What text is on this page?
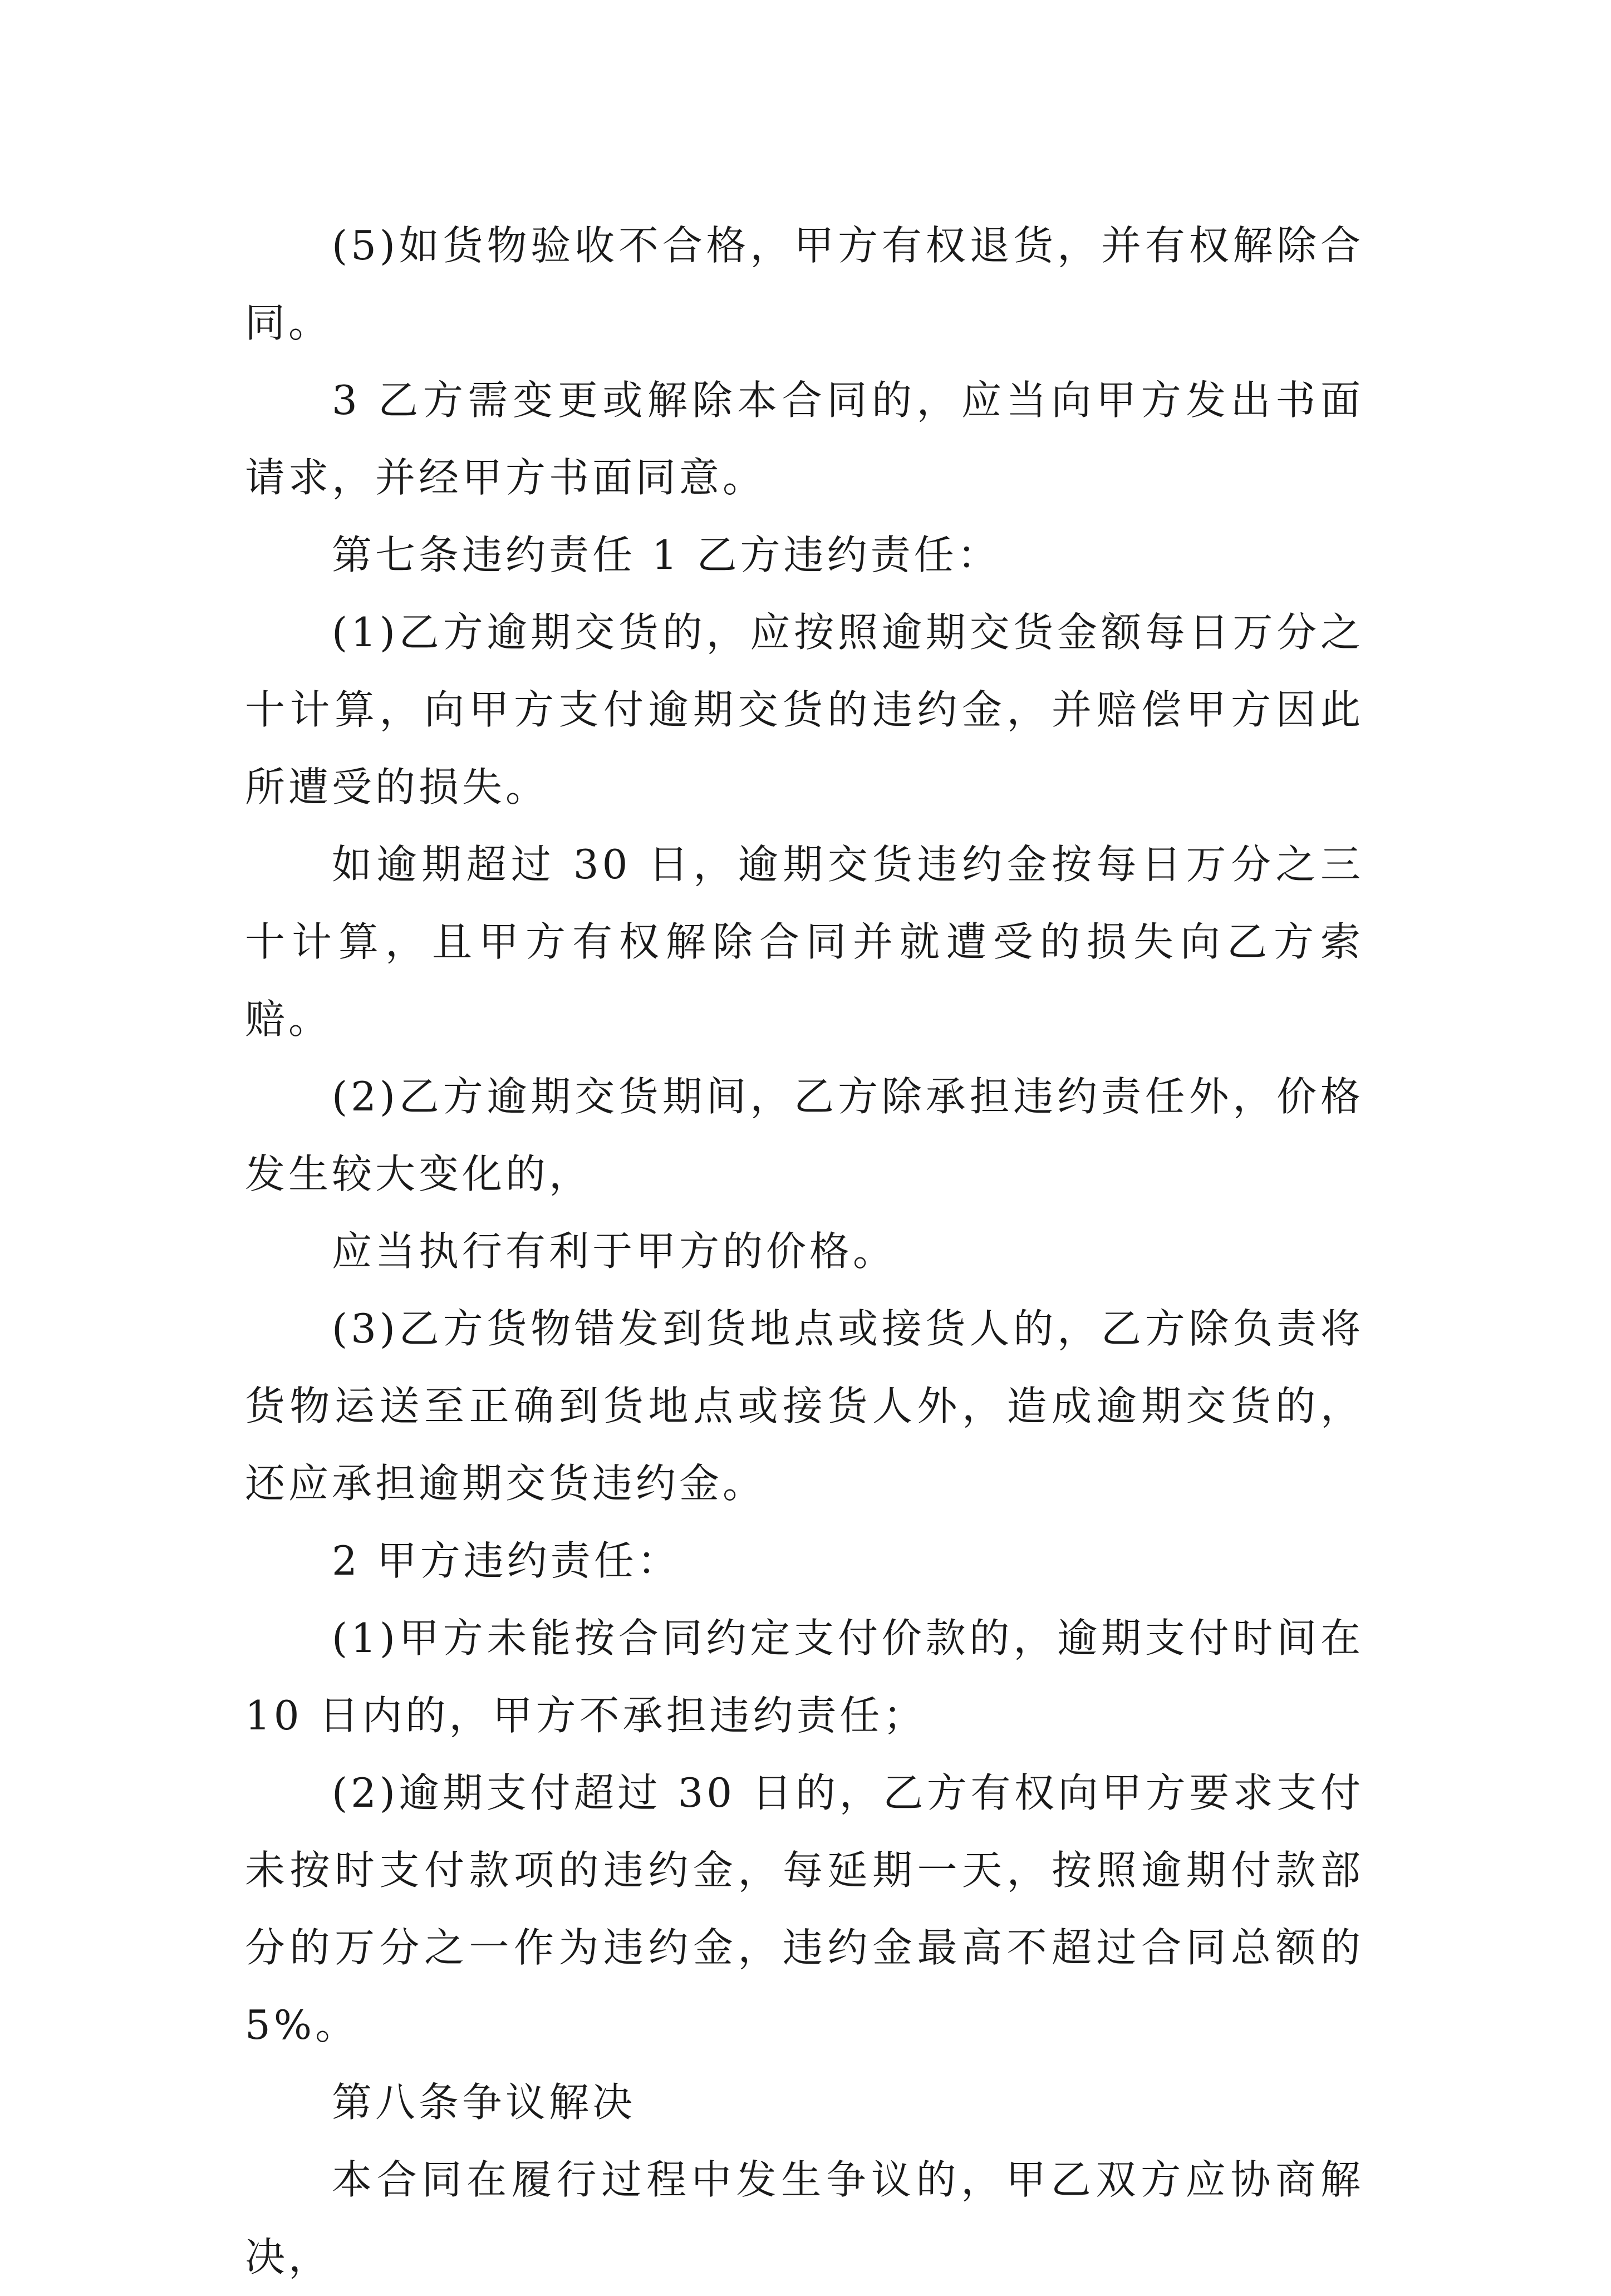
(5)如货物验收不合格，甲方有权退货，并有权解除合同。

3 乙方需变更或解除本合同的，应当向甲方发出书面请求，并经甲方书面同意。

第七条违约责任 1 乙方违约责任：

(1)乙方逾期交货的，应按照逾期交货金额每日万分之十计算，向甲方支付逾期交货的违约金，并赔偿甲方因此所遭受的损失。

如逾期超过 30 日，逾期交货违约金按每日万分之三十计算，且甲方有权解除合同并就遭受的损失向乙方索赔。

(2)乙方逾期交货期间，乙方除承担违约责任外，价格发生较大变化的，

应当执行有利于甲方的价格。

(3)乙方货物错发到货地点或接货人的，乙方除负责将货物运送至正确到货地点或接货人外，造成逾期交货的，还应承担逾期交货违约金。

2 甲方违约责任：

(1)甲方未能按合同约定支付价款的，逾期支付时间在 10 日内的，甲方不承担违约责任；

(2)逾期支付超过 30 日的，乙方有权向甲方要求支付未按时支付款项的违约金，每延期一天，按照逾期付款部分的万分之一作为违约金，违约金最高不超过合同总额的 5%。

第八条争议解决

本合同在履行过程中发生争议的，甲乙双方应协商解决，
